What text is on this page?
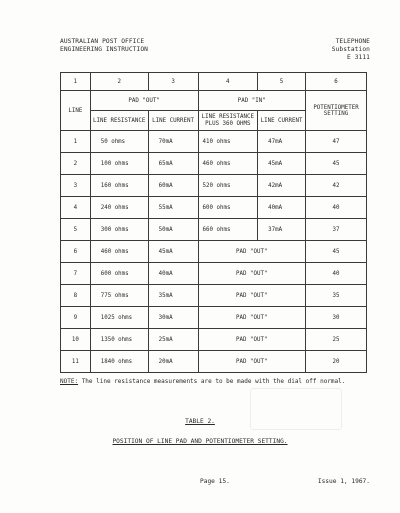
AUSTRALIAN POST OFFICE
ENGINEERING INSTRUCTION
TELEPHONE
Substation
E 3111
1	2	3	4	5	6
LINE	PAD "OUT"		PAD "IN"		POTENTIOMETER SETTING
	LINE RESISTANCE	LINE CURRENT	LINE RESISTANCE PLUS 360 OHMS	LINE CURRENT	
1	50 ohms	70mA	410 ohms	47mA	47
2	100 ohms	65mA	460 ohms	45mA	45
3	160 ohms	60mA	520 ohms	42mA	42
4	240 ohms	55mA	600 ohms	40mA	40
5	300 ohms	50mA	660 ohms	37mA	37
6	460 ohms	45mA	PAD "OUT"		45
7	600 ohms	40mA	PAD "OUT"		40
8	775 ohms	35mA	PAD "OUT"		35
9	1025 ohms	30mA	PAD "OUT"		30
10	1350 ohms	25mA	PAD "OUT"		25
11	1840 ohms	20mA	PAD "OUT"		20
NOTE: The line resistance measurements are to be made with the dial off normal.
TABLE 2.
POSITION OF LINE PAD AND POTENTIOMETER SETTING.
Page 15.	Issue 1, 1967.
